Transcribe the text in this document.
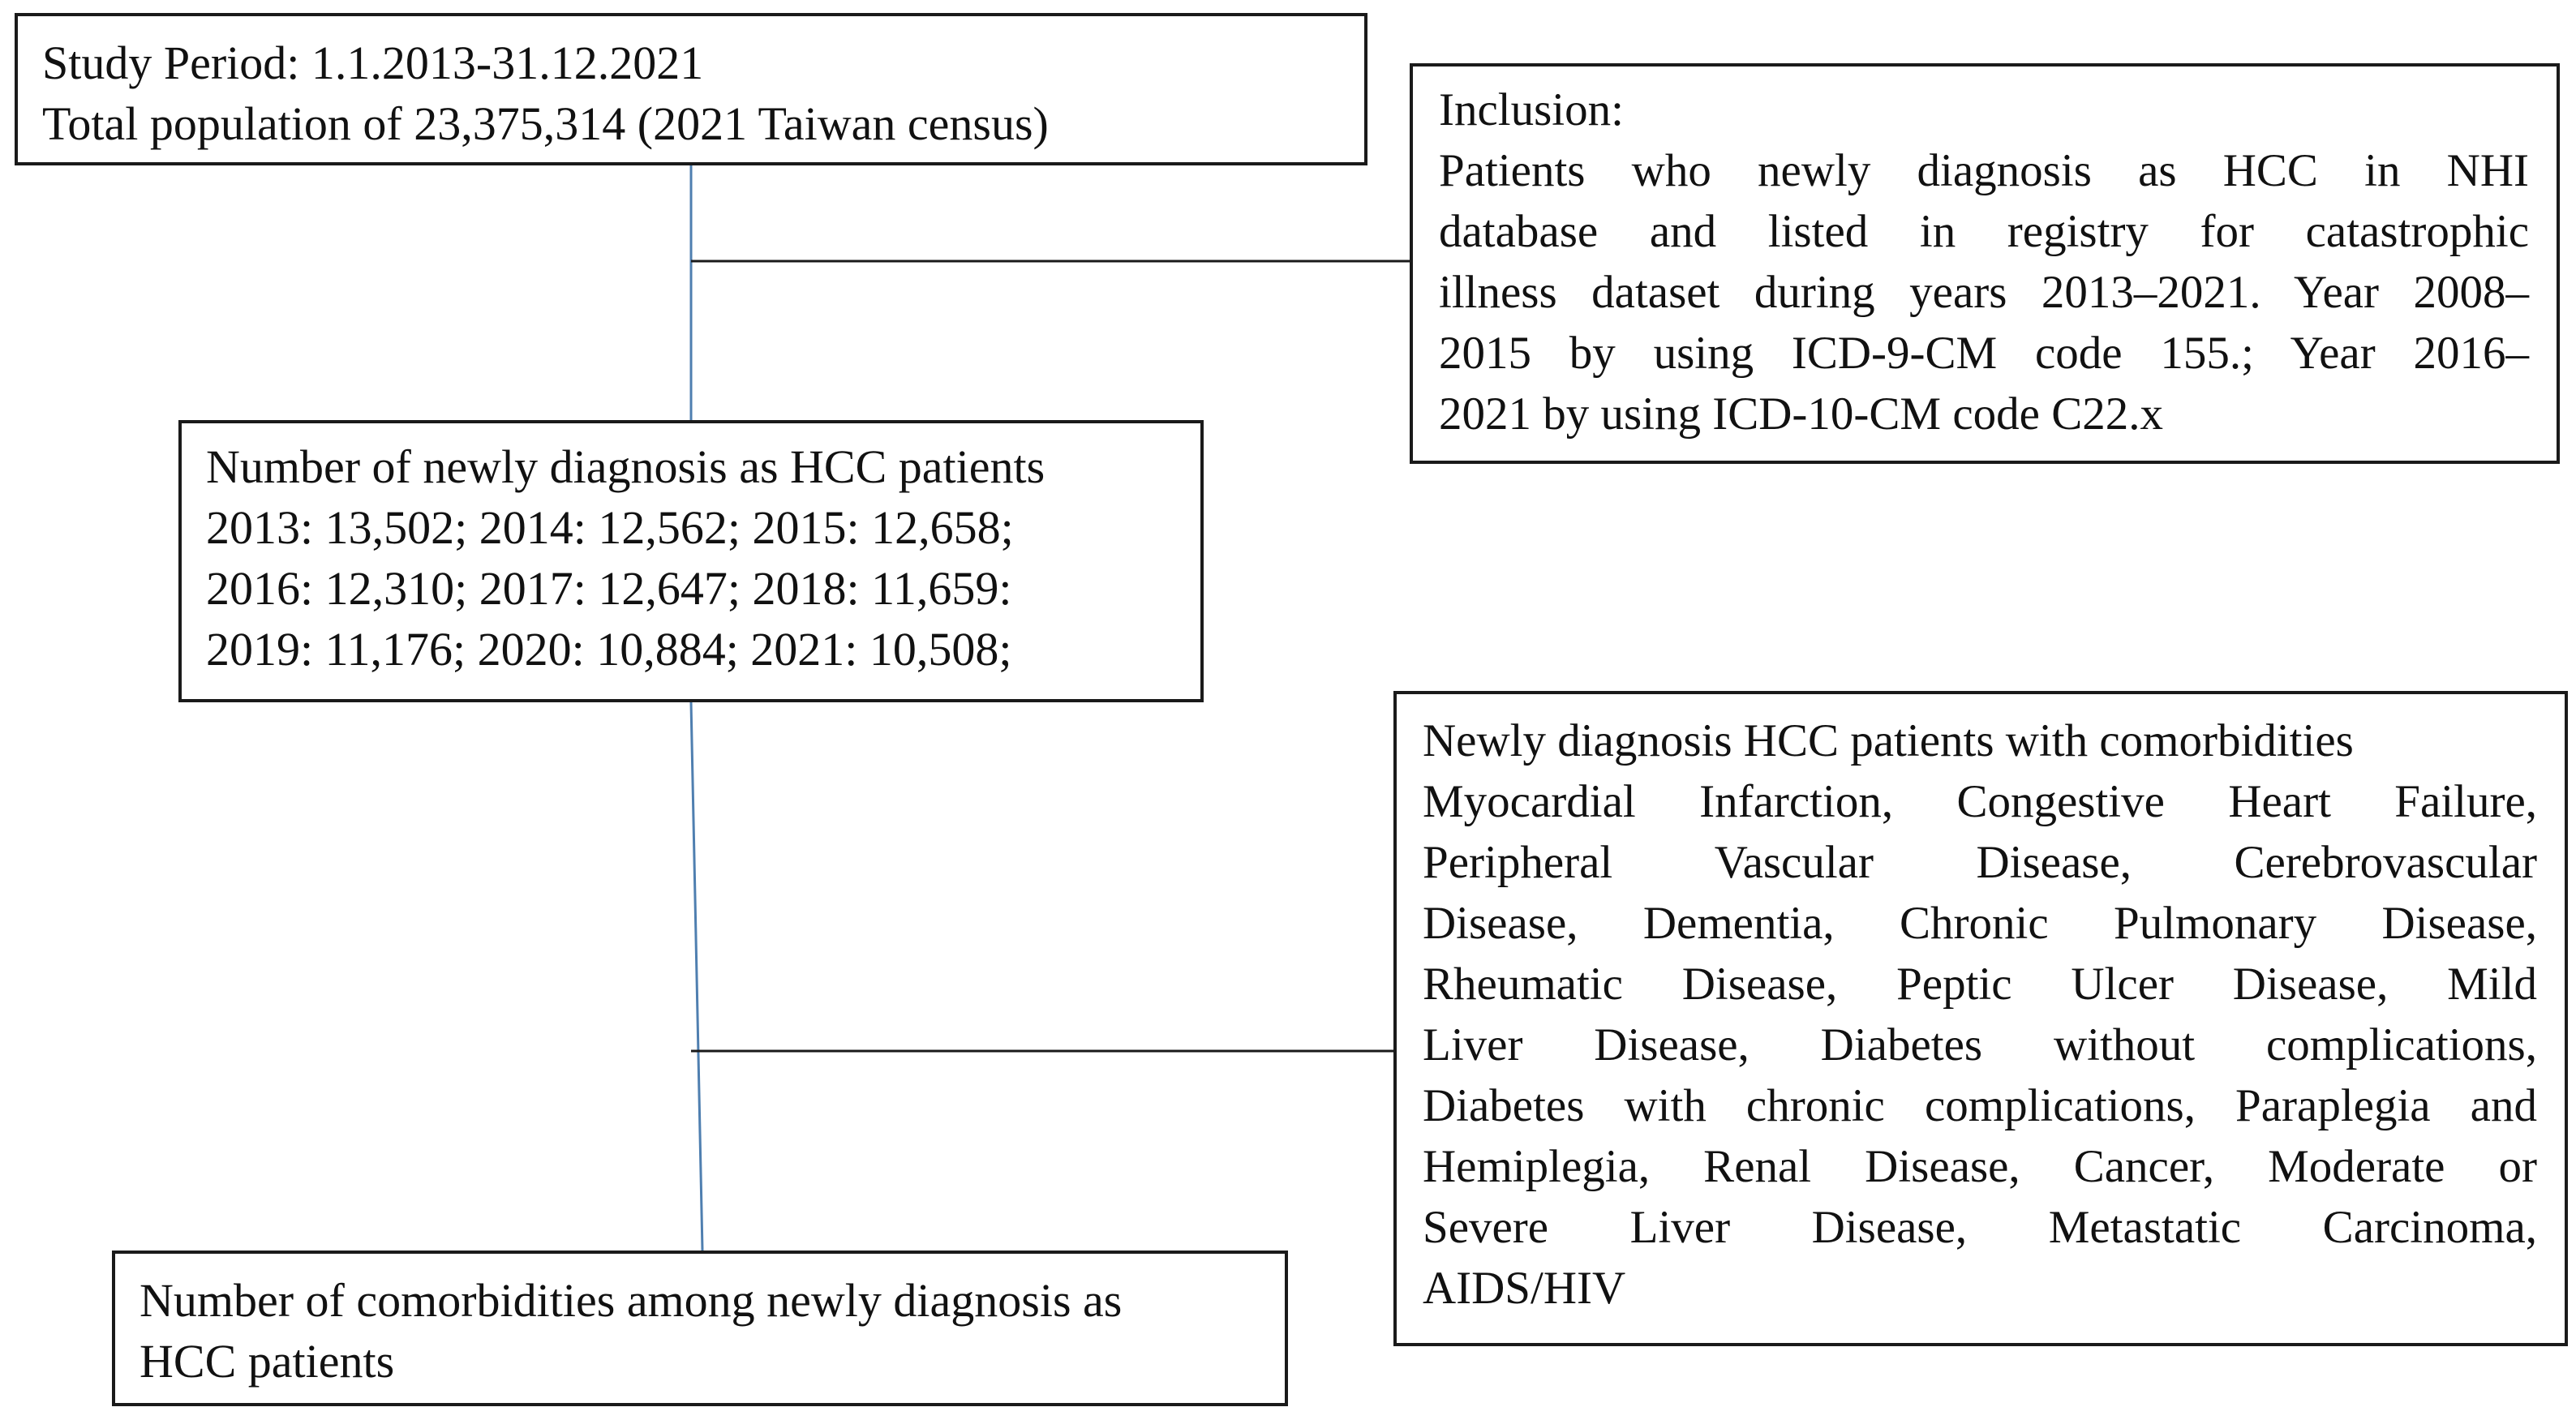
Study Period: 1.1.2013-31.12.2021
Total population of 23,375,314 (2021 Taiwan census)	Inclusion:
Patients who newly diagnosis as HCC in NHI
database and listed in registry for catastrophic
illness dataset during years 2013–2021. Year 2008–
2015 by using ICD-9-CM code 155.; Year 2016–
2021 by using ICD-10-CM code C22.x
Number of newly diagnosis as HCC patients
2013: 13,502; 2014: 12,562; 2015: 12,658;
2016: 12,310; 2017: 12,647; 2018: 11,659:
2019: 11,176; 2020: 10,884; 2021: 10,508;
Newly diagnosis HCC patients with comorbidities
Myocardial Infarction, Congestive Heart Failure,
Peripheral Vascular Disease, Cerebrovascular
Disease, Dementia, Chronic Pulmonary Disease,
Rheumatic Disease, Peptic Ulcer Disease, Mild
Liver Disease, Diabetes without complications,
Diabetes with chronic complications, Paraplegia and
Hemiplegia, Renal Disease, Cancer, Moderate or
Severe Liver Disease, Metastatic Carcinoma,
AIDS/HIV
Number of comorbidities among newly diagnosis as
HCC patients
